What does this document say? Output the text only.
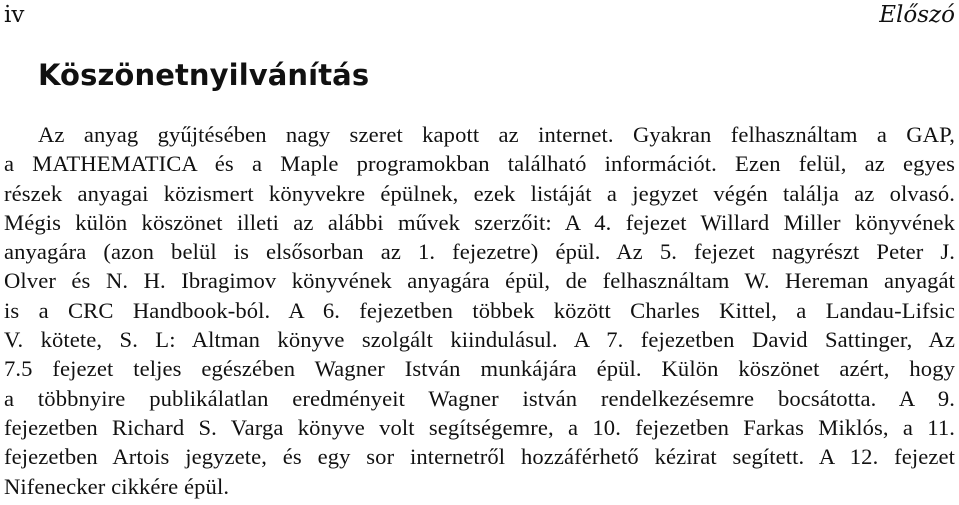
iv	Előszó
Köszönetnyilvánítás
Az anyag gyűjtésében nagy szeret kapott az internet. Gyakran felhasználtam a GAP,
a MATHEMATICA és a Maple programokban található információt. Ezen felül, az egyes
részek anyagai közismert könyvekre épülnek, ezek listáját a jegyzet végén találja az olvasó.
Mégis külön köszönet illeti az alábbi művek szerzőit: A 4. fejezet Willard Miller könyvének
anyagára (azon belül is elsősorban az 1. fejezetre) épül. Az 5. fejezet nagyrészt Peter J.
Olver és N. H. Ibragimov könyvének anyagára épül, de felhasználtam W. Hereman anyagát
is a CRC Handbook-ból. A 6. fejezetben többek között Charles Kittel, a Landau-Lifsic
V. kötete, S. L: Altman könyve szolgált kiindulásul. A 7. fejezetben David Sattinger, Az
7.5 fejezet teljes egészében Wagner István munkájára épül. Külön köszönet azért, hogy
a többnyire publikálatlan eredményeit Wagner istván rendelkezésemre bocsátotta. A 9.
fejezetben Richard S. Varga könyve volt segítségemre, a 10. fejezetben Farkas Miklós, a 11.
fejezetben Artois jegyzete, és egy sor internetről hozzáférhető kézirat segített. A 12. fejezet
Nifenecker cikkére épül.
